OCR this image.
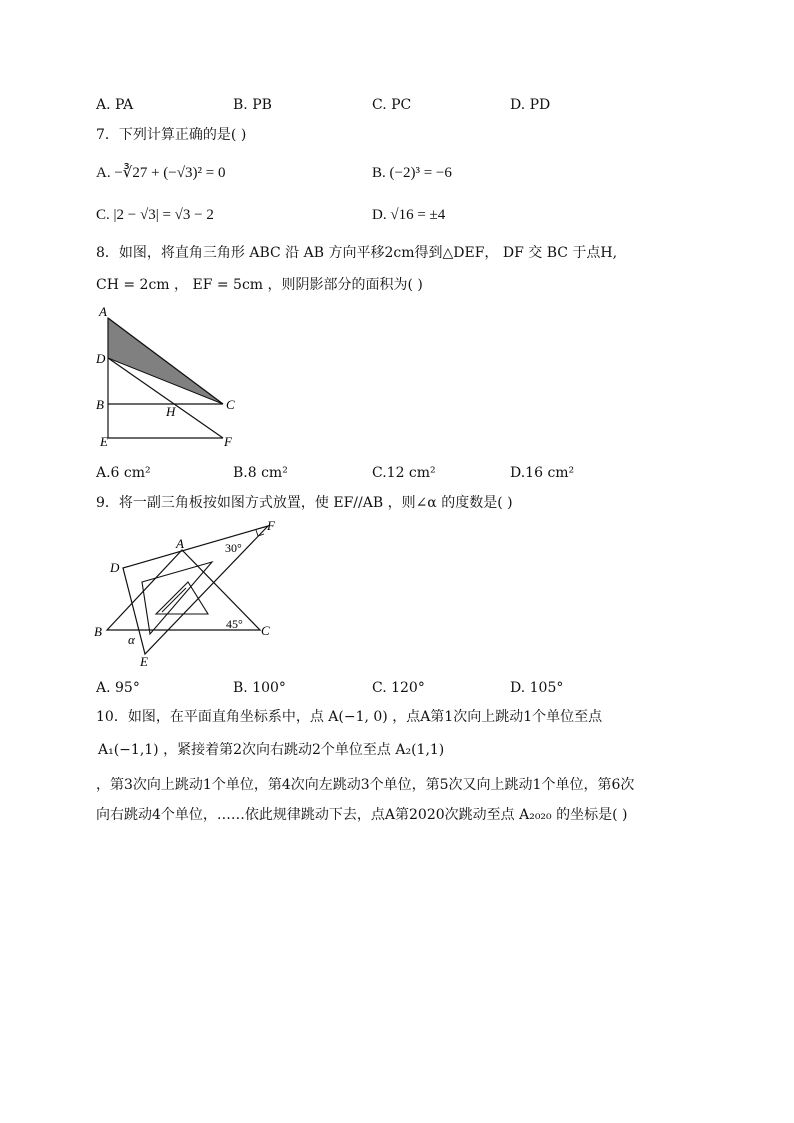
A. PA	B. PB	C. PC	D. PD
7．下列计算正确的是( )
A. −∛27 + (−√3)² = 0	B. (−2)³ = −6
C. |2 − √3| = √3 − 2	D. √16 = ±4
8．如图，将直角三角形 ABC 沿 AB 方向平移2cm得到△DEF， DF 交 BC 于点H,
CH = 2cm ， EF = 5cm ，则阴影部分的面积为( )
A
D
B	H	C
E	F
A.6 cm²	B.8 cm²	C.12 cm²	D.16 cm²
9．将一副三角板按如图方式放置，使 EF//AB ，则∠α 的度数是( )
A
D
F
B	C
E
α
30°
45°
A. 95°	B. 100°	C. 120°	D. 105°
10．如图，在平面直角坐标系中，点 A(−1, 0) ，点A第1次向上跳动1个单位至点
A₁(−1,1) ，紧接着第2次向右跳动2个单位至点 A₂(1,1)
，第3次向上跳动1个单位，第4次向左跳动3个单位，第5次又向上跳动1个单位，第6次
向右跳动4个单位，……依此规律跳动下去，点A第2020次跳动至点 A₂₀₂₀ 的坐标是( )
